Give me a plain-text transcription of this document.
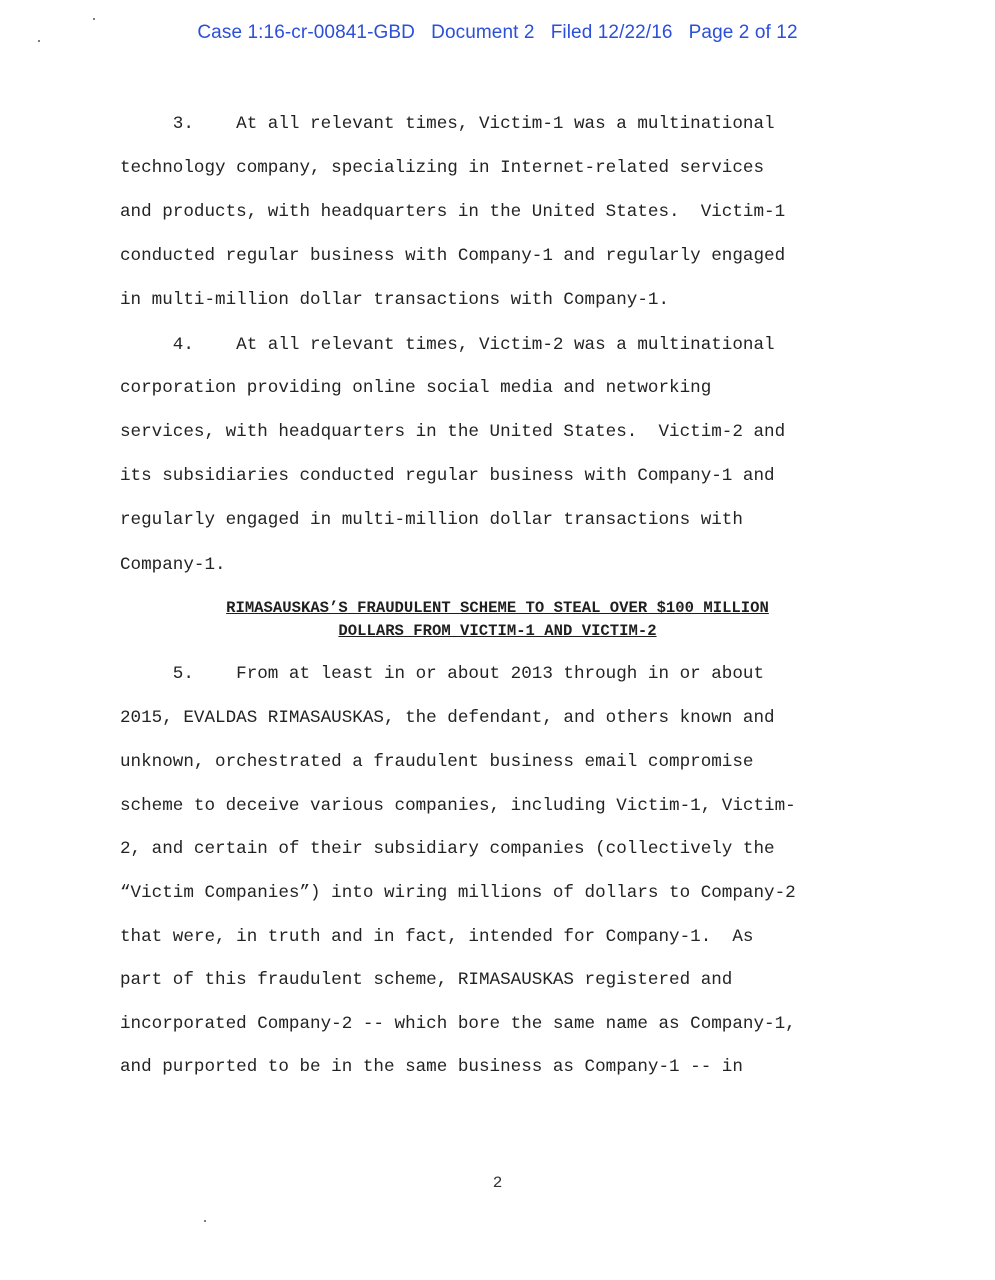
Case 1:16-cr-00841-GBD   Document 2   Filed 12/22/16   Page 2 of 12
3.    At all relevant times, Victim-1 was a multinational
technology company, specializing in Internet-related services
and products, with headquarters in the United States.  Victim-1
conducted regular business with Company-1 and regularly engaged
in multi-million dollar transactions with Company-1.
4.    At all relevant times, Victim-2 was a multinational
corporation providing online social media and networking
services, with headquarters in the United States.  Victim-2 and
its subsidiaries conducted regular business with Company-1 and
regularly engaged in multi-million dollar transactions with
Company-1.
RIMASAUSKAS’S FRAUDULENT SCHEME TO STEAL OVER $100 MILLION
DOLLARS FROM VICTIM-1 AND VICTIM-2
5.    From at least in or about 2013 through in or about
2015, EVALDAS RIMASAUSKAS, the defendant, and others known and
unknown, orchestrated a fraudulent business email compromise
scheme to deceive various companies, including Victim-1, Victim-
2, and certain of their subsidiary companies (collectively the
“Victim Companies”) into wiring millions of dollars to Company-2
that were, in truth and in fact, intended for Company-1.  As
part of this fraudulent scheme, RIMASAUSKAS registered and
incorporated Company-2 -- which bore the same name as Company-1,
and purported to be in the same business as Company-1 -- in
2
